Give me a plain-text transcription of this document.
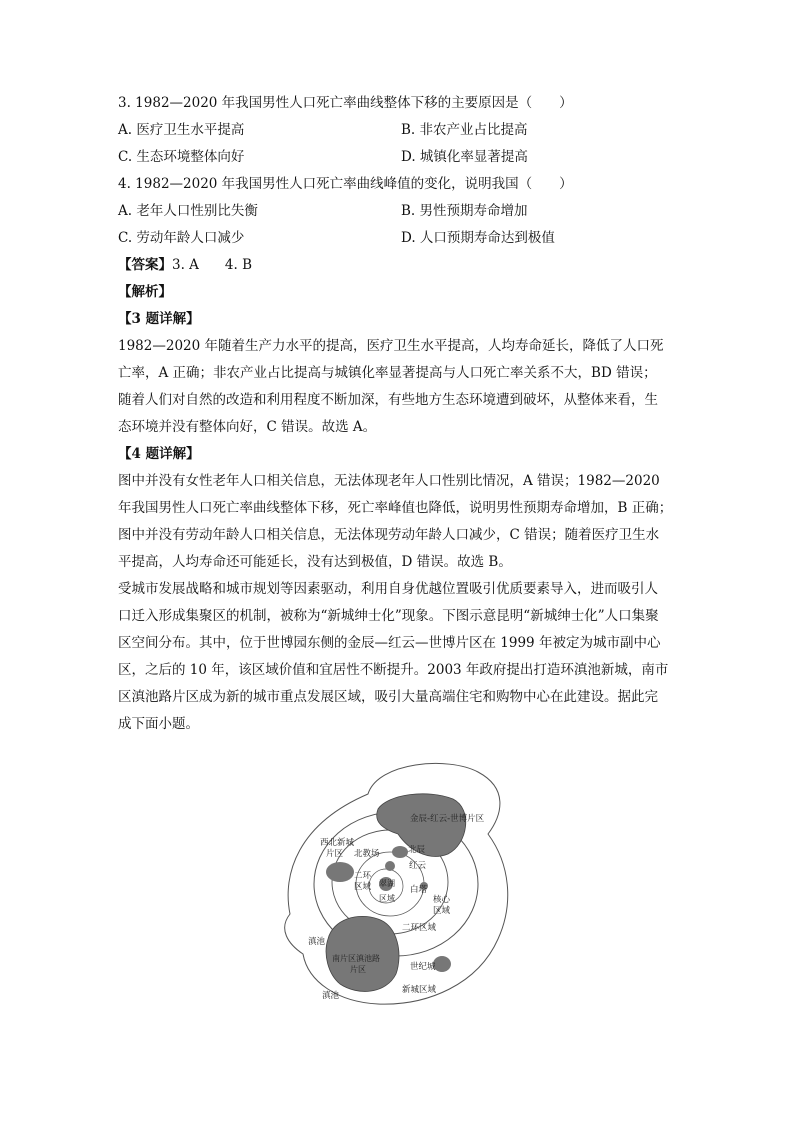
3. 1982—2020 年我国男性人口死亡率曲线整体下移的主要原因是（　　）
A. 医疗卫生水平提高	B. 非农产业占比提高
C. 生态环境整体向好	D. 城镇化率显著提高
4. 1982—2020 年我国男性人口死亡率曲线峰值的变化，说明我国（　　）
A. 老年人口性别比失衡	B. 男性预期寿命增加
C. 劳动年龄人口减少	D. 人口预期寿命达到极值
【答案】3. A 4. B
【解析】
【3 题详解】
1982—2020 年随着生产力水平的提高，医疗卫生水平提高，人均寿命延长，降低了人口死
亡率，A 正确；非农产业占比提高与城镇化率显著提高与人口死亡率关系不大，BD 错误；
随着人们对自然的改造和利用程度不断加深，有些地方生态环境遭到破坏，从整体来看，生
态环境并没有整体向好，C 错误。故选 A。
【4 题详解】
图中并没有女性老年人口相关信息，无法体现老年人口性别比情况，A 错误；1982—2020
年我国男性人口死亡率曲线整体下移，死亡率峰值也降低，说明男性预期寿命增加，B 正确；
图中并没有劳动年龄人口相关信息，无法体现劳动年龄人口减少，C 错误；随着医疗卫生水
平提高，人均寿命还可能延长，没有达到极值，D 错误。故选 B。
受城市发展战略和城市规划等因素驱动，利用自身优越位置吸引优质要素导入，进而吸引人
口迁入形成集聚区的机制，被称为“新城绅士化”现象。下图示意昆明“新城绅士化”人口集聚
区空间分布。其中，位于世博园东侧的金辰—红云—世博片区在 1999 年被定为城市副中心
区，之后的 10 年，该区域价值和宜居性不断提升。2003 年政府提出打造环滇池新城，南市
区滇池路片区成为新的城市重点发展区域，吸引大量高端住宅和购物中心在此建设。据此完
成下面小题。
金辰-红云-世博片区
西北新城
片区 北教场	北辰
红云
二环
区域 翠湖
区域
白塔
核心
区域
二环区域
滇池
南片区滇池路
片区	世纪城
新城区域
滇池
